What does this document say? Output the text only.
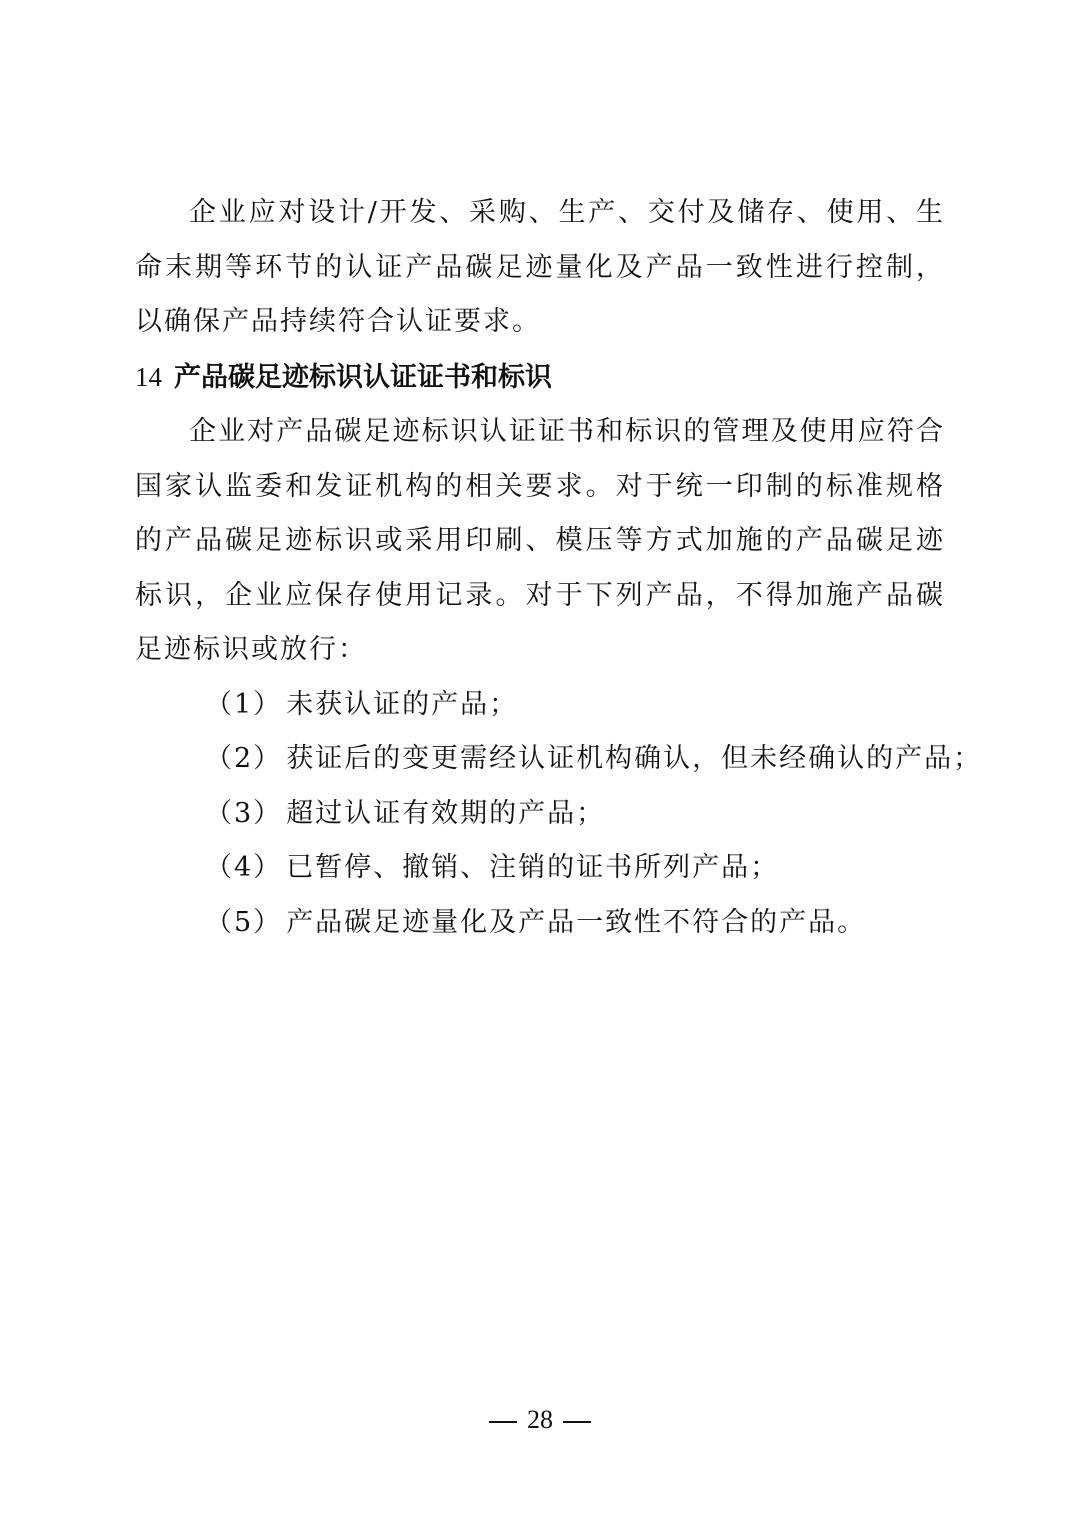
企业应对设计/开发、采购、生产、交付及储存、使用、生命末期等环节的认证产品碳足迹量化及产品一致性进行控制，以确保产品持续符合认证要求。

14 产品碳足迹标识认证证书和标识

企业对产品碳足迹标识认证证书和标识的管理及使用应符合国家认监委和发证机构的相关要求。对于统一印制的标准规格的产品碳足迹标识或采用印刷、模压等方式加施的产品碳足迹标识，企业应保存使用记录。对于下列产品，不得加施产品碳足迹标识或放行：

（1） 未获认证的产品；
（2） 获证后的变更需经认证机构确认，但未经确认的产品；
（3） 超过认证有效期的产品；
（4） 已暂停、撤销、注销的证书所列产品；
（5） 产品碳足迹量化及产品一致性不符合的产品。
28
